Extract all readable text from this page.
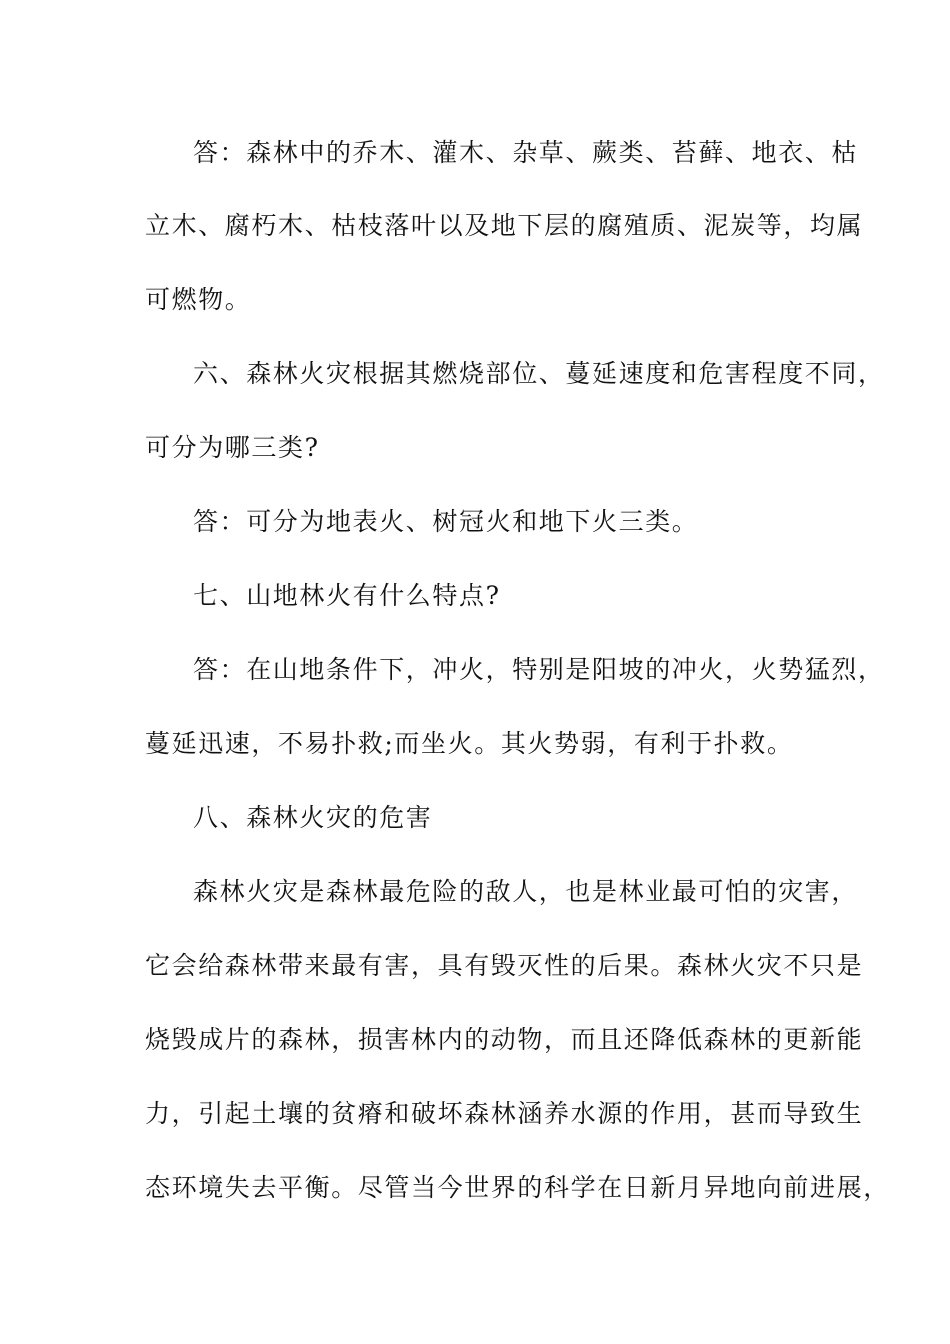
答：森林中的乔木、灌木、杂草、蕨类、苔藓、地衣、枯
立木、腐朽木、枯枝落叶以及地下层的腐殖质、泥炭等，均属
可燃物。
六、森林火灾根据其燃烧部位、蔓延速度和危害程度不同，
可分为哪三类?
答：可分为地表火、树冠火和地下火三类。
七、山地林火有什么特点?
答：在山地条件下，冲火，特别是阳坡的冲火，火势猛烈，
蔓延迅速，不易扑救;而坐火。其火势弱，有利于扑救。
八、森林火灾的危害
森林火灾是森林最危险的敌人，也是林业最可怕的灾害，
它会给森林带来最有害，具有毁灭性的后果。森林火灾不只是
烧毁成片的森林，损害林内的动物，而且还降低森林的更新能
力，引起土壤的贫瘠和破坏森林涵养水源的作用，甚而导致生
态环境失去平衡。尽管当今世界的科学在日新月异地向前进展，
